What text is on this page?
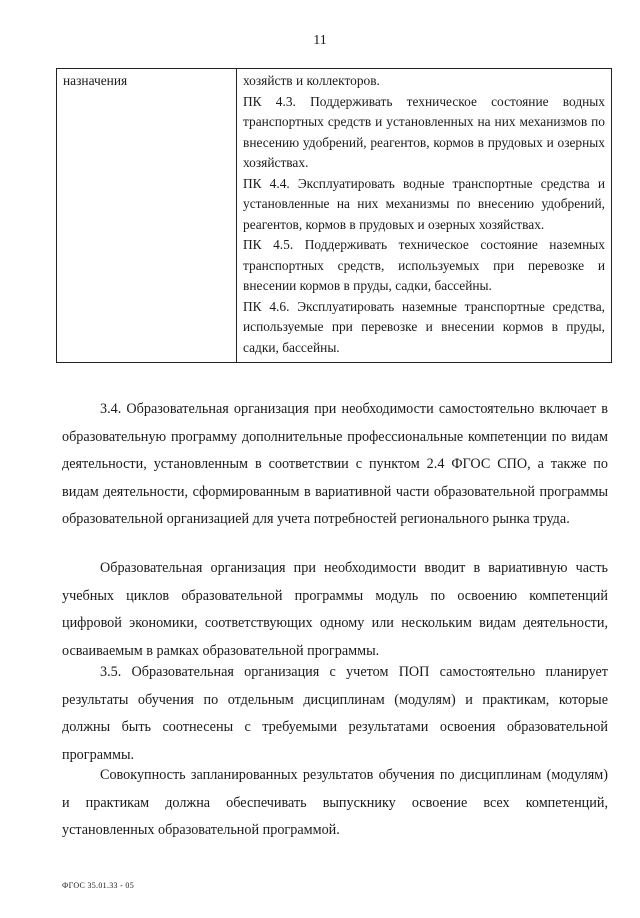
11
назначения	хозяйств и коллекторов.
ПК 4.3. Поддерживать техническое состояние водных транспортных средств и установленных на них механизмов по внесению удобрений, реагентов, кормов в прудовых и озерных хозяйствах.
ПК 4.4. Эксплуатировать водные транспортные средства и установленные на них механизмы по внесению удобрений, реагентов, кормов в прудовых и озерных хозяйствах.
ПК 4.5. Поддерживать техническое состояние наземных транспортных средств, используемых при перевозке и внесении кормов в пруды, садки, бассейны.
ПК 4.6. Эксплуатировать наземные транспортные средства, используемые при перевозке и внесении кормов в пруды, садки, бассейны.

3.4. Образовательная организация при необходимости самостоятельно включает в образовательную программу дополнительные профессиональные компетенции по видам деятельности, установленным в соответствии с пунктом 2.4 ФГОС СПО, а также по видам деятельности, сформированным в вариативной части образовательной программы образовательной организацией для учета потребностей регионального рынка труда.

Образовательная организация при необходимости вводит в вариативную часть учебных циклов образовательной программы модуль по освоению компетенций цифровой экономики, соответствующих одному или нескольким видам деятельности, осваиваемым в рамках образовательной программы.

3.5. Образовательная организация с учетом ПОП самостоятельно планирует результаты обучения по отдельным дисциплинам (модулям) и практикам, которые должны быть соотнесены с требуемыми результатами освоения образовательной программы.

Совокупность запланированных результатов обучения по дисциплинам (модулям) и практикам должна обеспечивать выпускнику освоение всех компетенций, установленных образовательной программой.

ФГОС 35.01.33 - 05
